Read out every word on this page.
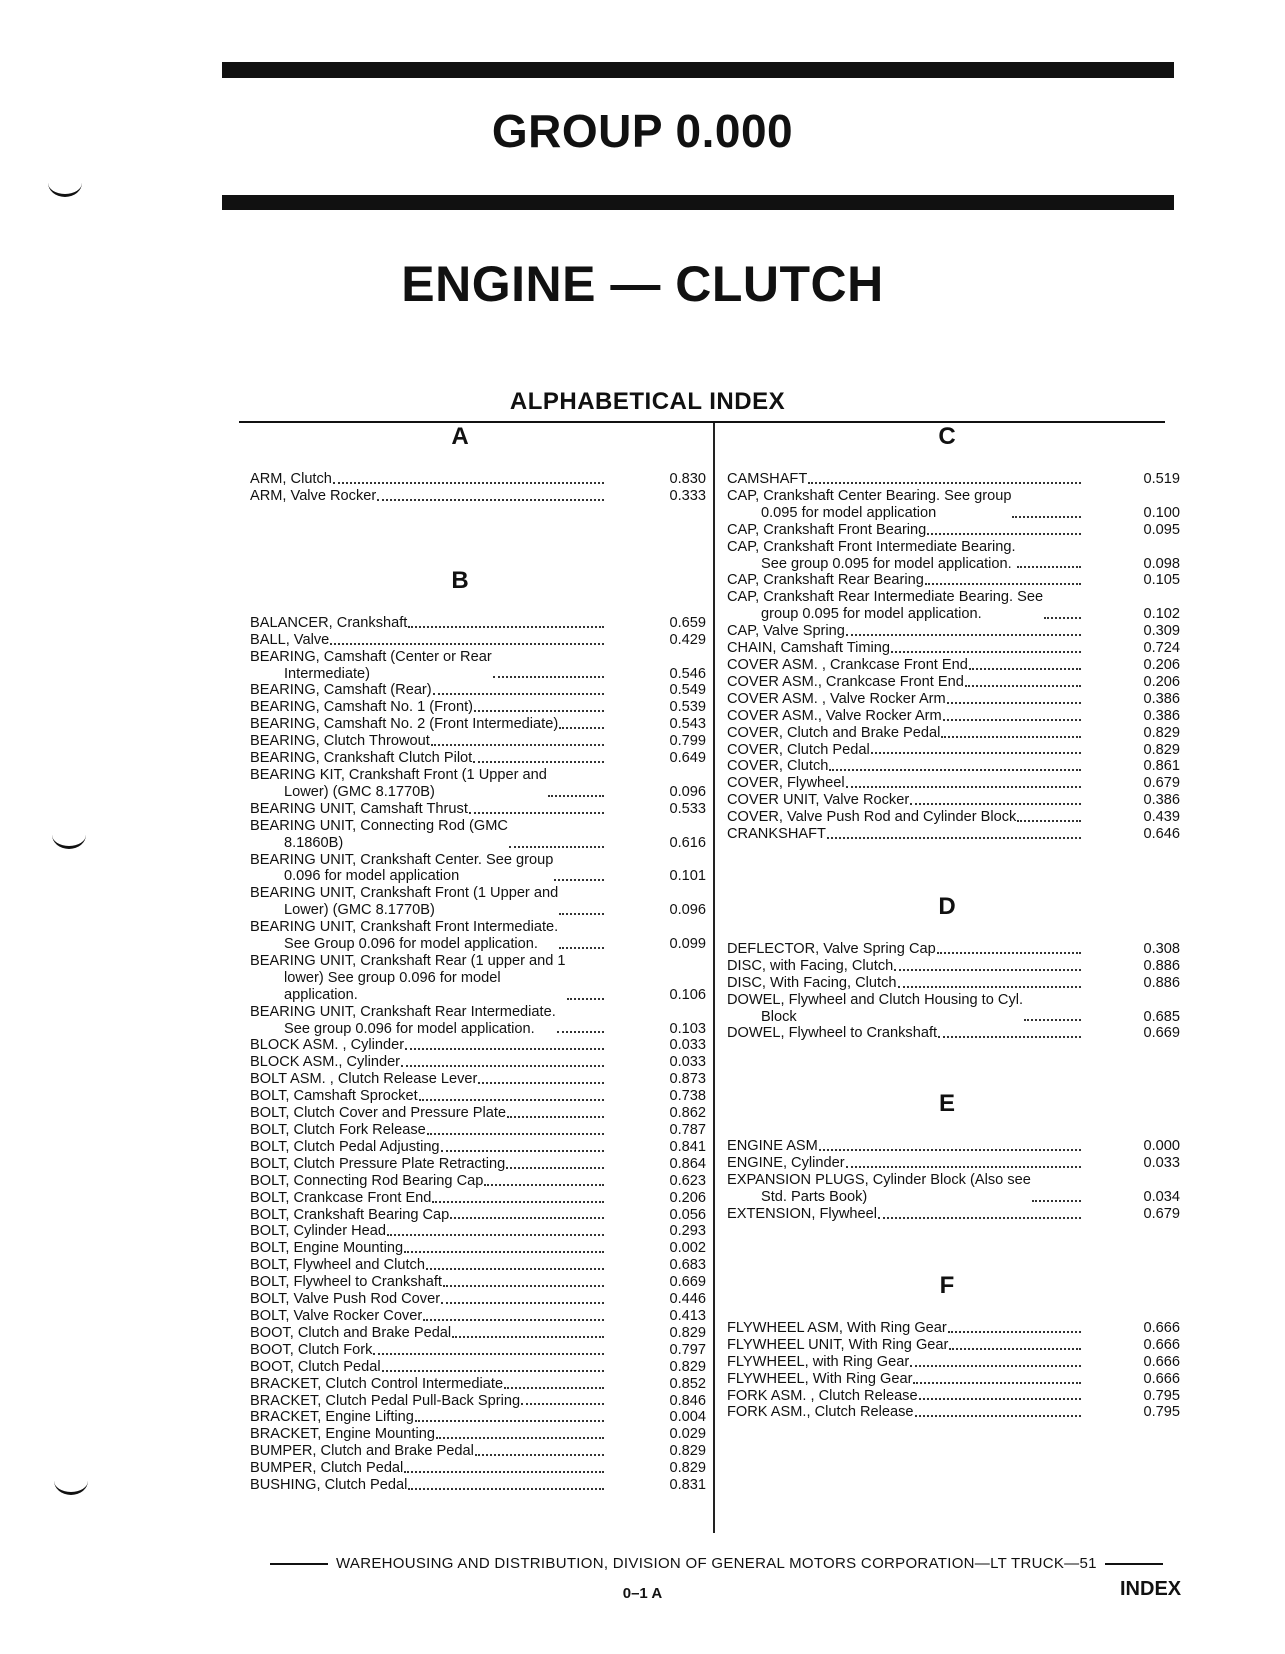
GROUP 0.000
ENGINE — CLUTCH
ALPHABETICAL INDEX
A
ARM, Clutch	0.830
ARM, Valve Rocker	0.333
B
BALANCER, Crankshaft	0.659
BALL, Valve	0.429
BEARING, Camshaft (Center or Rear
Intermediate)	0.546
BEARING, Camshaft (Rear)	0.549
BEARING, Camshaft No. 1 (Front)	0.539
BEARING, Camshaft No. 2 (Front Intermediate)	0.543
BEARING, Clutch Throwout	0.799
BEARING, Crankshaft Clutch Pilot	0.649
BEARING KIT, Crankshaft Front (1 Upper and
Lower) (GMC 8.1770B)	0.096
BEARING UNIT, Camshaft Thrust	0.533
BEARING UNIT, Connecting Rod (GMC
8.1860B)	0.616
BEARING UNIT, Crankshaft Center. See group
0.096 for model application	0.101
BEARING UNIT, Crankshaft Front (1 Upper and
Lower) (GMC 8.1770B)	0.096
BEARING UNIT, Crankshaft Front Intermediate.
See Group 0.096 for model application.	0.099
BEARING UNIT, Crankshaft Rear (1 upper and 1
lower) See group 0.096 for model
application.	0.106
BEARING UNIT, Crankshaft Rear Intermediate.
See group 0.096 for model application.	0.103
BLOCK ASM. , Cylinder	0.033
BLOCK ASM., Cylinder	0.033
BOLT ASM. , Clutch Release Lever	0.873
BOLT, Camshaft Sprocket	0.738
BOLT, Clutch Cover and Pressure Plate	0.862
BOLT, Clutch Fork Release	0.787
BOLT, Clutch Pedal Adjusting	0.841
BOLT, Clutch Pressure Plate Retracting	0.864
BOLT, Connecting Rod Bearing Cap	0.623
BOLT, Crankcase Front End	0.206
BOLT, Crankshaft Bearing Cap	0.056
BOLT, Cylinder Head	0.293
BOLT, Engine Mounting	0.002
BOLT, Flywheel and Clutch	0.683
BOLT, Flywheel to Crankshaft	0.669
BOLT, Valve Push Rod Cover	0.446
BOLT, Valve Rocker Cover	0.413
BOOT, Clutch and Brake Pedal	0.829
BOOT, Clutch Fork	0.797
BOOT, Clutch Pedal	0.829
BRACKET, Clutch Control Intermediate	0.852
BRACKET, Clutch Pedal Pull-Back Spring	0.846
BRACKET, Engine Lifting	0.004
BRACKET, Engine Mounting	0.029
BUMPER, Clutch and Brake Pedal	0.829
BUMPER, Clutch Pedal	0.829
BUSHING, Clutch Pedal	0.831
C
CAMSHAFT	0.519
CAP, Crankshaft Center Bearing. See group
0.095 for model application	0.100
CAP, Crankshaft Front Bearing	0.095
CAP, Crankshaft Front Intermediate Bearing.
See group 0.095 for model application.	0.098
CAP, Crankshaft Rear Bearing	0.105
CAP, Crankshaft Rear Intermediate Bearing. See
group 0.095 for model application.	0.102
CAP, Valve Spring	0.309
CHAIN, Camshaft Timing	0.724
COVER ASM. , Crankcase Front End	0.206
COVER ASM., Crankcase Front End	0.206
COVER ASM. , Valve Rocker Arm	0.386
COVER ASM., Valve Rocker Arm	0.386
COVER, Clutch and Brake Pedal	0.829
COVER, Clutch Pedal	0.829
COVER, Clutch	0.861
COVER, Flywheel	0.679
COVER UNIT, Valve Rocker	0.386
COVER, Valve Push Rod and Cylinder Block	0.439
CRANKSHAFT	0.646
D
DEFLECTOR, Valve Spring Cap	0.308
DISC, with Facing, Clutch	0.886
DISC, With Facing, Clutch	0.886
DOWEL, Flywheel and Clutch Housing to Cyl.
Block	0.685
DOWEL, Flywheel to Crankshaft	0.669
E
ENGINE ASM	0.000
ENGINE, Cylinder	0.033
EXPANSION PLUGS, Cylinder Block (Also see
Std. Parts Book)	0.034
EXTENSION, Flywheel	0.679
F
FLYWHEEL ASM, With Ring Gear	0.666
FLYWHEEL UNIT, With Ring Gear	0.666
FLYWHEEL, with Ring Gear	0.666
FLYWHEEL, With Ring Gear	0.666
FORK ASM. , Clutch Release	0.795
FORK ASM., Clutch Release	0.795
WAREHOUSING AND DISTRIBUTION, DIVISION OF GENERAL MOTORS CORPORATION—LT TRUCK—51
0–1 A	INDEX
